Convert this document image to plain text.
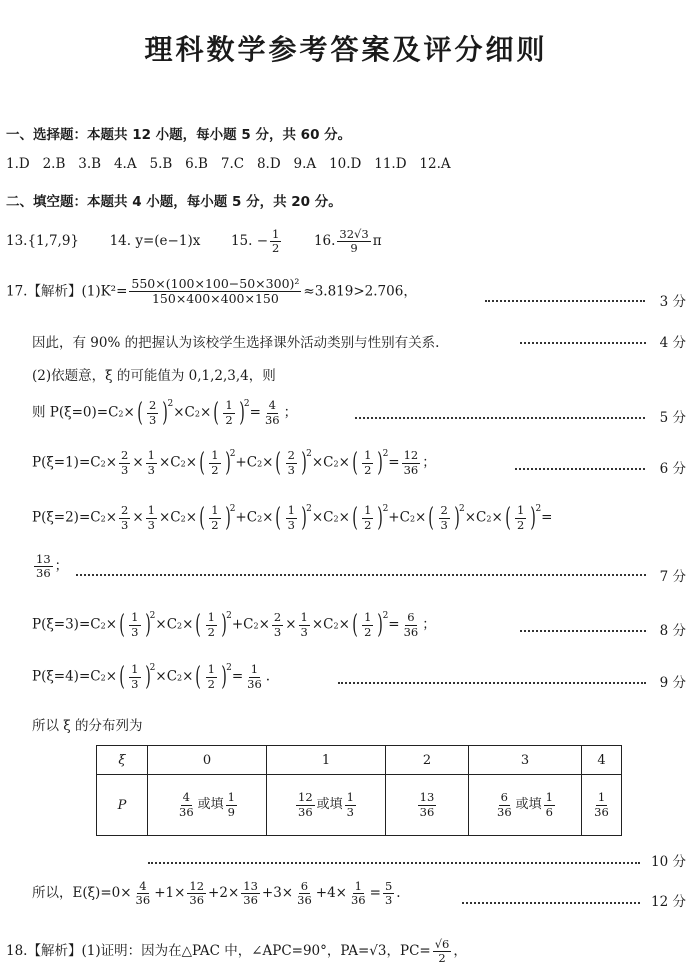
理科数学参考答案及评分细则
一、选择题：本题共 12 小题，每小题 5 分，共 60 分。
1.D 2.B 3.B 4.A 5.B 6.B 7.C 8.D 9.A 10.D 11.D 12.A
二、填空题：本题共 4 小题，每小题 5 分，共 20 分。
13.{1,7,9} 14. y=(e−1)x 15. − $\frac{1}{2} 16$. $\frac{32√3}{9}$ π
17.【解析】$(1)K^2= \frac{\text{550×(100×100−50×300)²}}{150\times 400\times 400\times 150} \approx 3.819>2.706$，
3 分
因此，有 90% 的把握认为该校学生选择课外活动类别与性别有关系.	4 分
(2)依题意，ξ 的可能值为 0,1,2,3,4，则
则 $P(\xi=0)=C2\times( \frac{2}{3} )^2\times C2\times( \frac{1}{2} )^2= \frac{4}{36}$ ；	5 分
$P(\xi=1)=C2\times \frac{2}{3} \times \frac{1}{3} \times C2\times( \frac{1}{2} )^2+C2\times( \frac{2}{3} )^2\times C2\times( \frac{1}{2} )^2= \frac{12}{36}$ ；	6 分
$P(\xi=2)=C2\times \frac{2}{3} \times \frac{1}{3} \times C2\times( \frac{1}{2} )^2+C2\times( \frac{1}{3} )^2\times C2\times( \frac{1}{2} )^2+C2\times( \frac{2}{3} )^2\times C2\times( \frac{1}{2} )^2=$
$\frac{13}{36}$ ；
7 分
$P(\xi=3)=C2\times( \frac{1}{3} )^2\times C2\times( \frac{1}{2} )^2+C2\times \frac{2}{3} \times \frac{1}{3} \times C2\times( \frac{1}{2} )^2= \frac{6}{36}$ ；	8 分
$P(\xi=4)=C2\times( \frac{1}{3} )^2\times C2\times( \frac{1}{2} )^2= \frac{1}{36}$ .	9 分
所以 ξ 的分布列为
ξ	0	1	2	3	4
P	$\frac{4}{36}$ 或填 $\frac{1}{9}$	$\frac{12}{36}$ 或填 $\frac{1}{3}$	$\frac{13}{36}$	$\frac{6}{36}$ 或填 $\frac{1}{6}$	$\frac{1}{36}$
10 分
所以，$E(\xi)=0\times \frac{4}{36} +1\times \frac{12}{36} +2\times \frac{13}{36} +3\times \frac{6}{36} +4\times \frac{1}{36} = \frac{5}{3}$ .
12 分
18.【解析】(1)证明：因为在△PAC 中，∠APC=90°，PA=√3，$PC= \frac{√6}{2}$ ，
